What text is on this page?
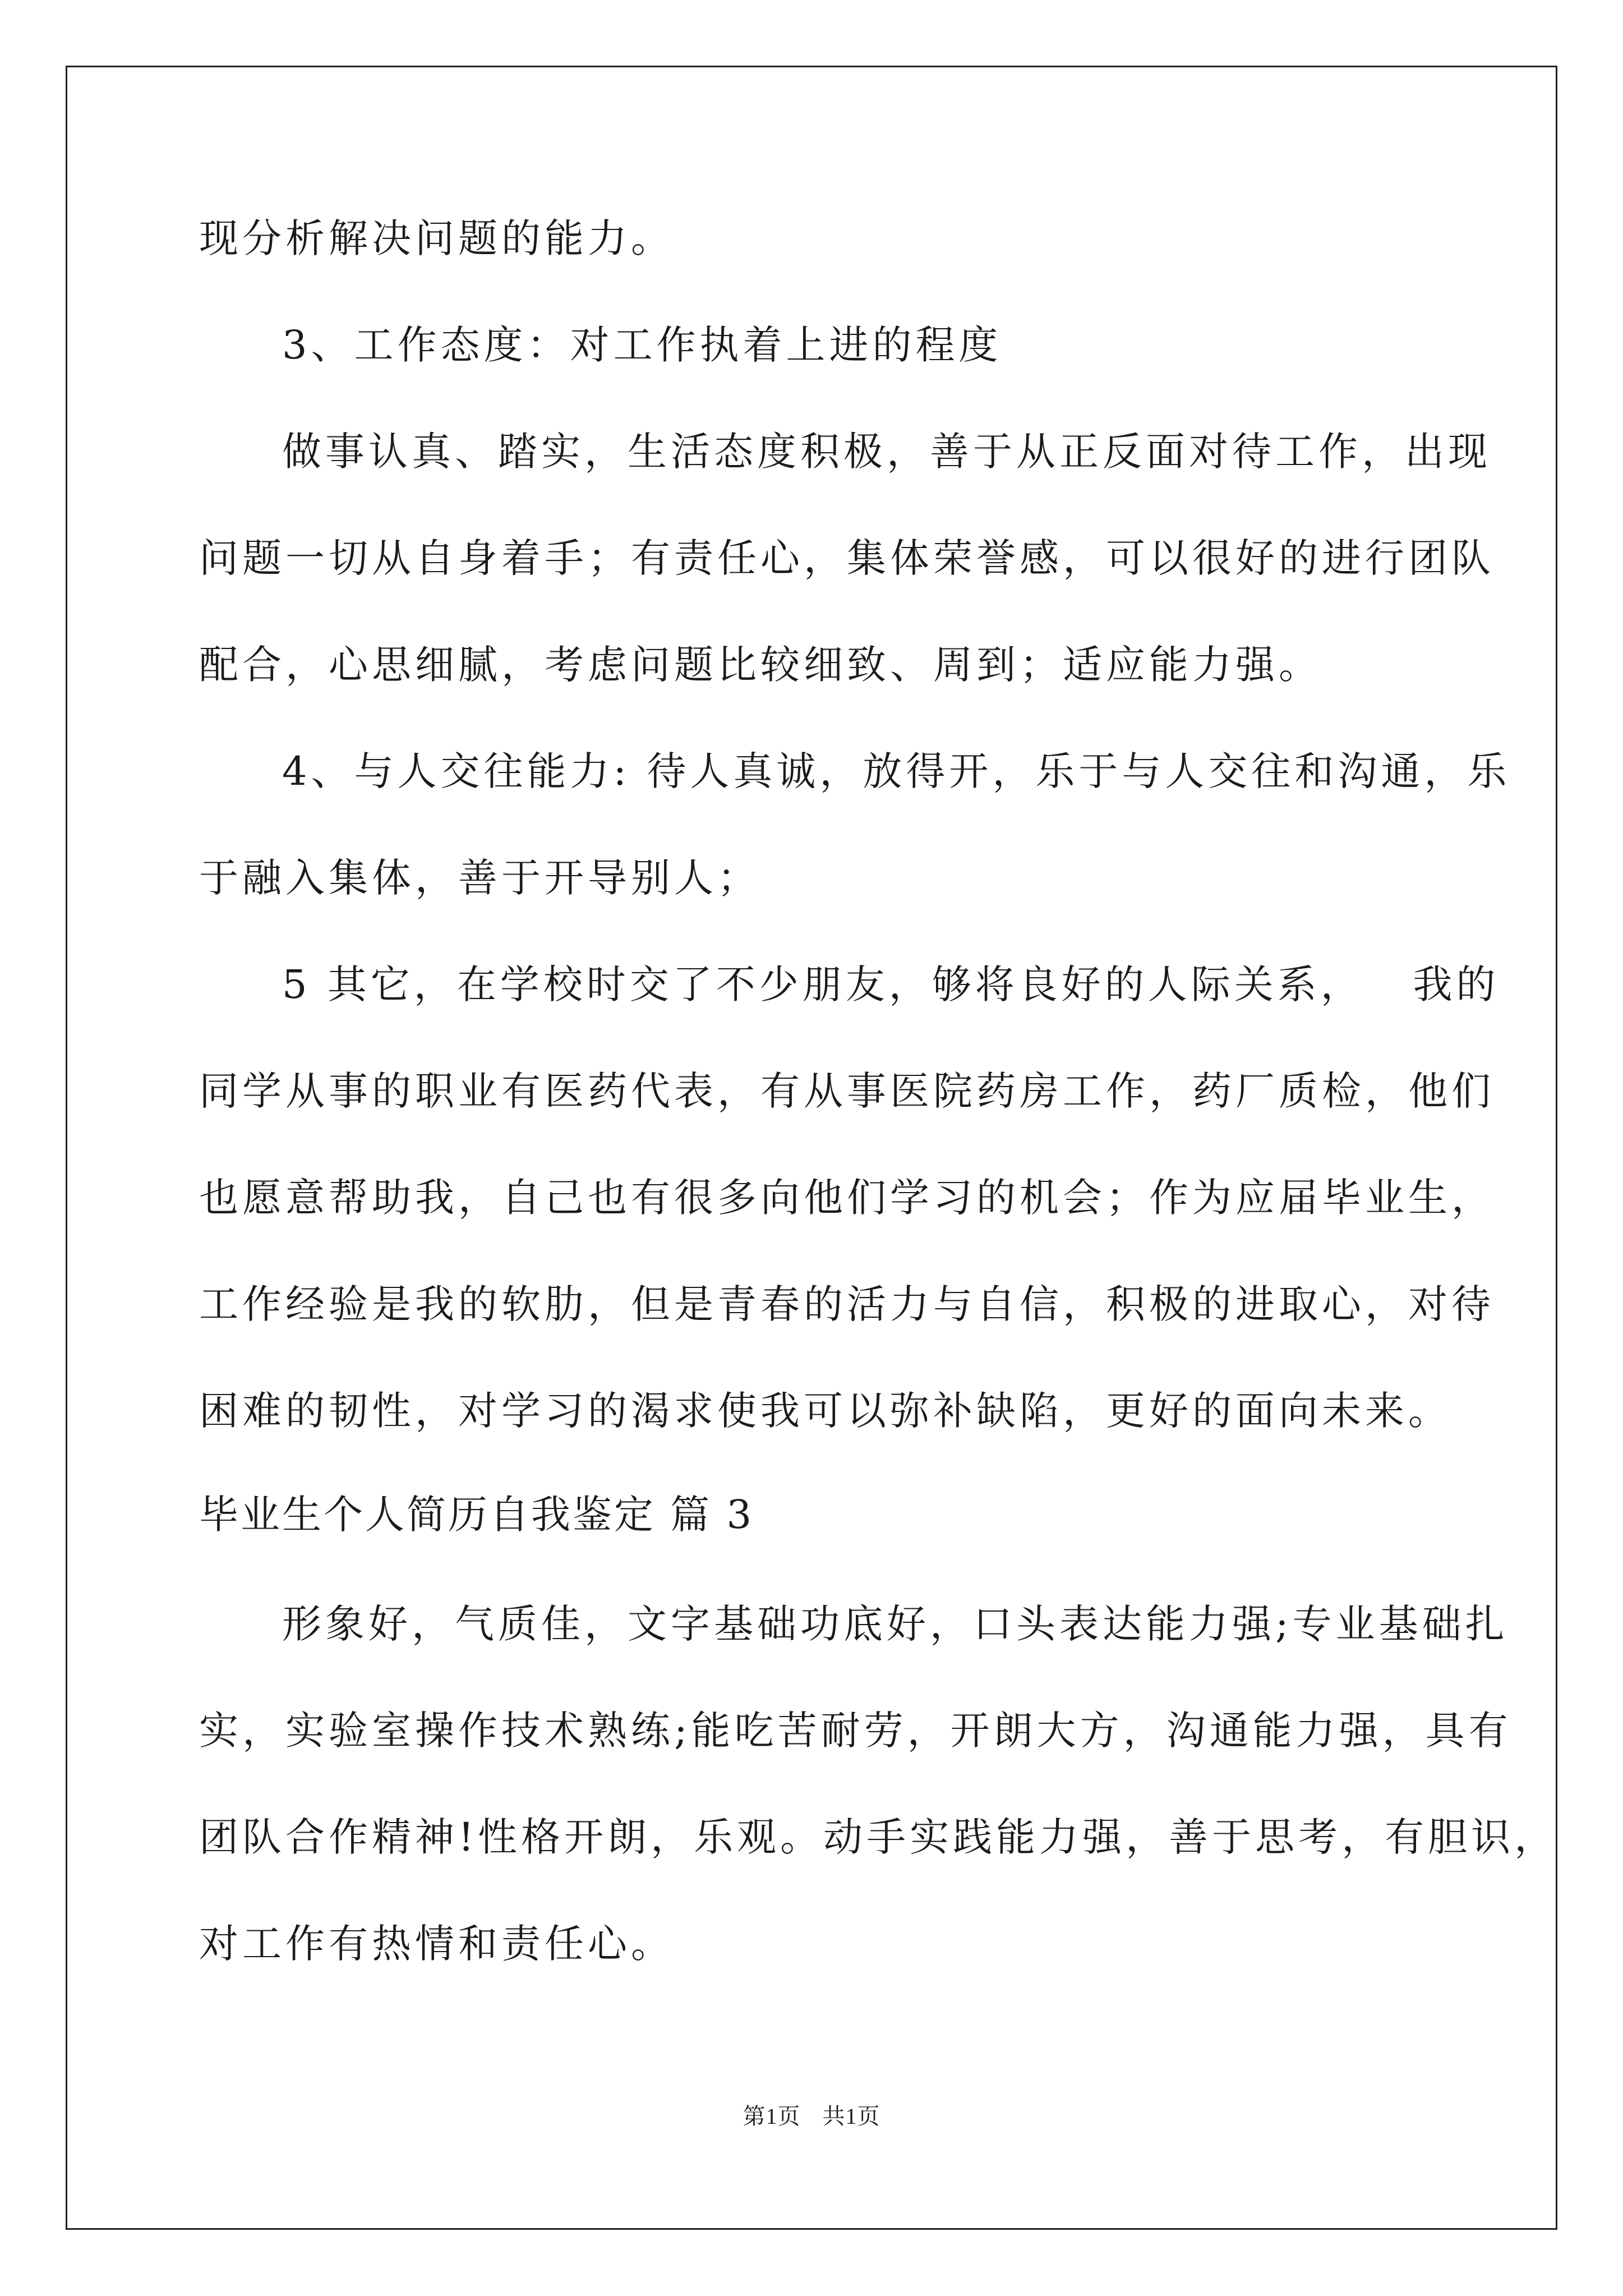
现分析解决问题的能力。
3、工作态度：对工作执着上进的程度
做事认真、踏实，生活态度积极，善于从正反面对待工作，出现
问题一切从自身着手；有责任心，集体荣誉感，可以很好的进行团队
配合，心思细腻，考虑问题比较细致、周到；适应能力强。
4、与人交往能力: 待人真诚，放得开，乐于与人交往和沟通，乐
于融入集体，善于开导别人；
5 其它，在学校时交了不少朋友，够将良好的人际关系，   我的
同学从事的职业有医药代表，有从事医院药房工作，药厂质检，他们
也愿意帮助我，自己也有很多向他们学习的机会；作为应届毕业生，
工作经验是我的软肋，但是青春的活力与自信，积极的进取心，对待
困难的韧性，对学习的渴求使我可以弥补缺陷，更好的面向未来。
毕业生个人简历自我鉴定 篇 3
形象好，气质佳，文字基础功底好，口头表达能力强;专业基础扎
实，实验室操作技术熟练;能吃苦耐劳，开朗大方，沟通能力强，具有
团队合作精神!性格开朗，乐观。动手实践能力强，善于思考，有胆识，
对工作有热情和责任心。
第1页 共1页
